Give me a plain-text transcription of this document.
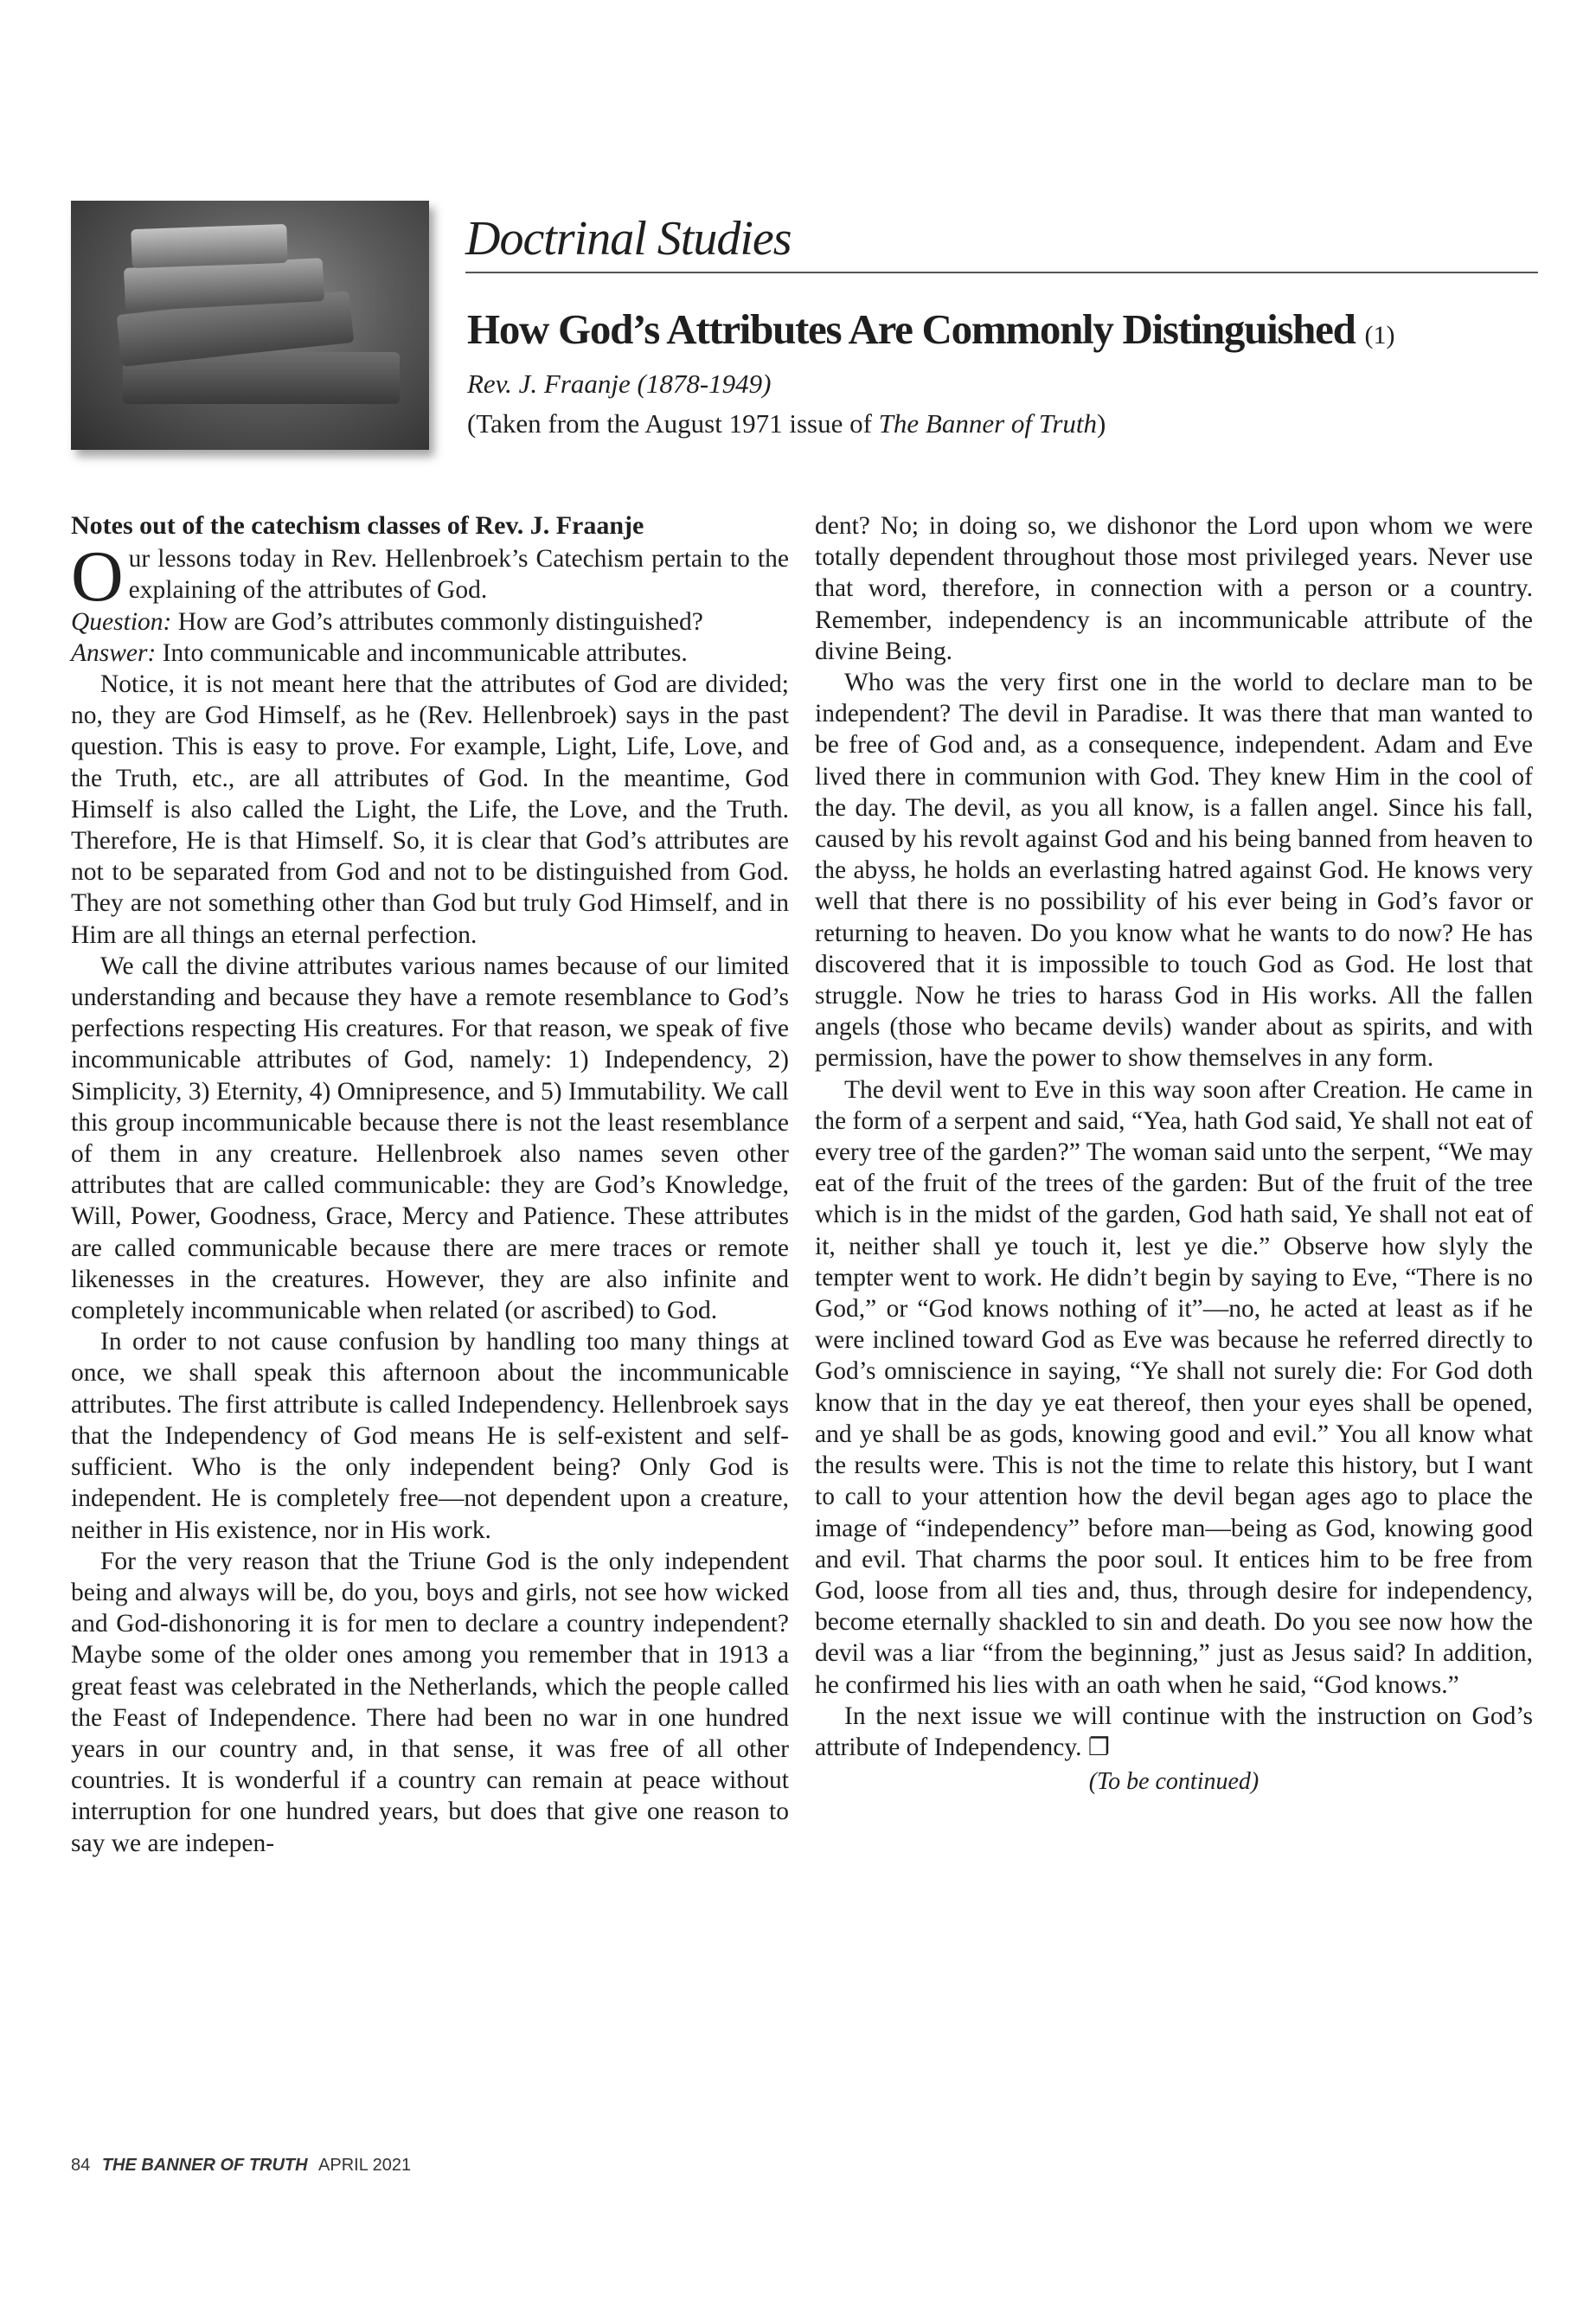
Doctrinal Studies
How God’s Attributes Are Commonly Distinguished (1)

Rev. J. Fraanje (1878-1949)

(Taken from the August 1971 issue of The Banner of Truth)

Notes out of the catechism classes of Rev. J. Fraanje

Our lessons today in Rev. Hellenbroek’s Catechism pertain to the explaining of the attributes of God.

Question: How are God’s attributes commonly distinguished?

Answer: Into communicable and incommunicable attributes.

Notice, it is not meant here that the attributes of God are divided; no, they are God Himself, as he (Rev. Hellenbroek) says in the past question. This is easy to prove. For example, Light, Life, Love, and the Truth, etc., are all attributes of God. In the meantime, God Himself is also called the Light, the Life, the Love, and the Truth. Therefore, He is that Himself. So, it is clear that God’s attributes are not to be separated from God and not to be distinguished from God. They are not something other than God but truly God Himself, and in Him are all things an eternal perfection.

We call the divine attributes various names because of our limited understanding and because they have a remote resemblance to God’s perfections respecting His creatures. For that reason, we speak of five incommunicable attributes of God, namely: 1) Independency, 2) Simplicity, 3) Eternity, 4) Omnipresence, and 5) Immutability. We call this group incommunicable because there is not the least resemblance of them in any creature. Hellenbroek also names seven other attributes that are called communicable: they are God’s Knowledge, Will, Power, Goodness, Grace, Mercy and Patience. These attributes are called communicable because there are mere traces or remote likenesses in the creatures. However, they are also infinite and completely incommunicable when related (or ascribed) to God.

In order to not cause confusion by handling too many things at once, we shall speak this afternoon about the incommunicable attributes. The first attribute is called Independency. Hellenbroek says that the Independency of God means He is self-existent and self-sufficient. Who is the only independent being? Only God is independent. He is completely free—not dependent upon a creature, neither in His existence, nor in His work.

For the very reason that the Triune God is the only independent being and always will be, do you, boys and girls, not see how wicked and God-dishonoring it is for men to declare a country independent? Maybe some of the older ones among you remember that in 1913 a great feast was celebrated in the Netherlands, which the people called the Feast of Independence. There had been no war in one hundred years in our country and, in that sense, it was free of all other countries. It is wonderful if a country can remain at peace without interruption for one hundred years, but does that give one reason to say we are indepen-

dent? No; in doing so, we dishonor the Lord upon whom we were totally dependent throughout those most privileged years. Never use that word, therefore, in connection with a person or a country. Remember, independency is an incommunicable attribute of the divine Being.

Who was the very first one in the world to declare man to be independent? The devil in Paradise. It was there that man wanted to be free of God and, as a consequence, independent. Adam and Eve lived there in communion with God. They knew Him in the cool of the day. The devil, as you all know, is a fallen angel. Since his fall, caused by his revolt against God and his being banned from heaven to the abyss, he holds an everlasting hatred against God. He knows very well that there is no possibility of his ever being in God’s favor or returning to heaven. Do you know what he wants to do now? He has discovered that it is impossible to touch God as God. He lost that struggle. Now he tries to harass God in His works. All the fallen angels (those who became devils) wander about as spirits, and with permission, have the power to show themselves in any form.

The devil went to Eve in this way soon after Creation. He came in the form of a serpent and said, “Yea, hath God said, Ye shall not eat of every tree of the garden?” The woman said unto the serpent, “We may eat of the fruit of the trees of the garden: But of the fruit of the tree which is in the midst of the garden, God hath said, Ye shall not eat of it, neither shall ye touch it, lest ye die.” Observe how slyly the tempter went to work. He didn’t begin by saying to Eve, “There is no God,” or “God knows nothing of it”—no, he acted at least as if he were inclined toward God as Eve was because he referred directly to God’s omniscience in saying, “Ye shall not surely die: For God doth know that in the day ye eat thereof, then your eyes shall be opened, and ye shall be as gods, knowing good and evil.” You all know what the results were. This is not the time to relate this history, but I want to call to your attention how the devil began ages ago to place the image of “independency” before man—being as God, knowing good and evil. That charms the poor soul. It entices him to be free from God, loose from all ties and, thus, through desire for independency, become eternally shackled to sin and death. Do you see now how the devil was a liar “from the beginning,” just as Jesus said? In addition, he confirmed his lies with an oath when he said, “God knows.”

In the next issue we will continue with the instruction on God’s attribute of Independency. ❐

(To be continued)
84 THE BANNER OF TRUTH APRIL 2021
